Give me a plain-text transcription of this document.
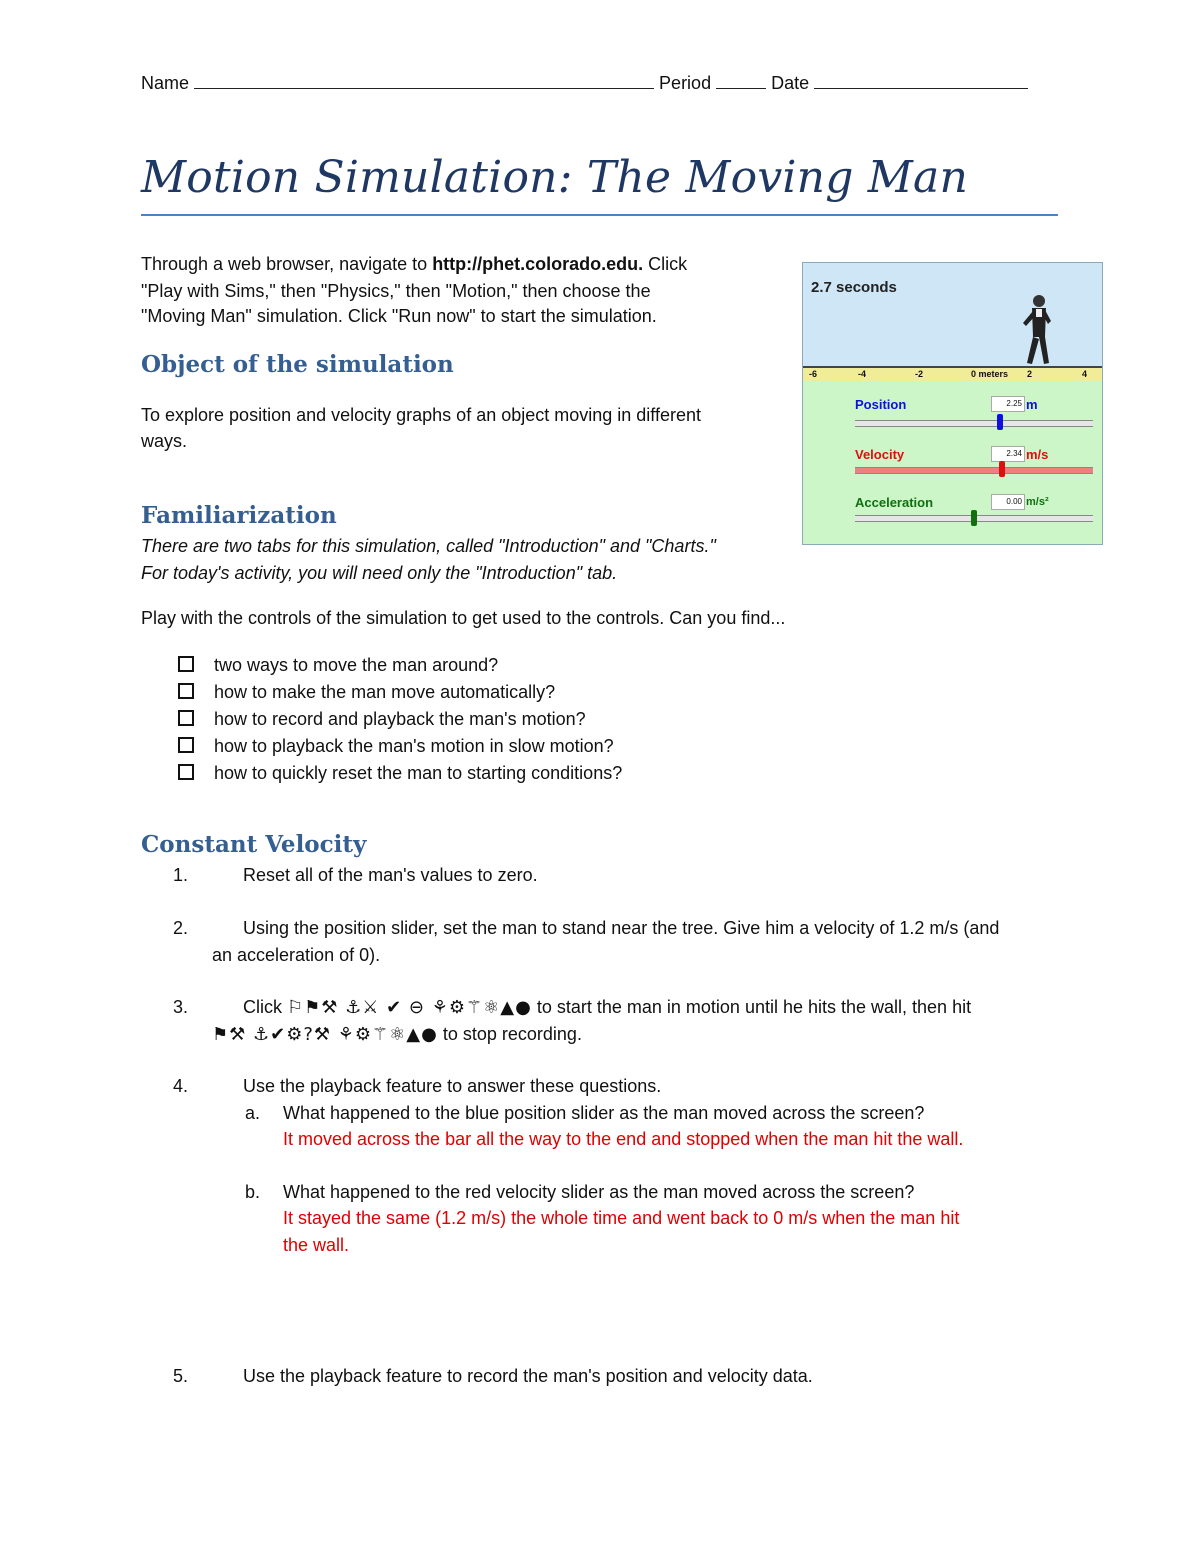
Name	Period	Date
Motion Simulation: The Moving Man
Through a web browser, navigate to http://phet.colorado.edu. Click
"Play with Sims," then "Physics," then "Motion," then choose the
"Moving Man" simulation. Click "Run now" to start the simulation.
Object of the simulation
To explore position and velocity graphs of an object moving in different
ways.
Familiarization
There are two tabs for this simulation, called "Introduction" and "Charts."
For today's activity, you will need only the "Introduction" tab.
Play with the controls of the simulation to get used to the controls. Can you find...
two ways to move the man around?
how to make the man move automatically?
how to record and playback the man's motion?
how to playback the man's motion in slow motion?
how to quickly reset the man to starting conditions?
Constant Velocity
1.	Reset all of the man's values to zero.
2.	Using the position slider, set the man to stand near the tree. Give him a velocity of 1.2 m/s (and
an acceleration of 0).
3.	Click ⚐⚑⚒ ⚓⚔ ✔ ⊖ ⚘⚙⚚⚛▲● to start the man in motion until he hits the wall, then hit
⚑⚒ ⚓✔⚙?⚒ ⚘⚙⚚⚛▲● to stop recording.
4.	Use the playback feature to answer these questions.
a. What happened to the blue position slider as the man moved across the screen?
It moved across the bar all the way to the end and stopped when the man hit the wall.
b. What happened to the red velocity slider as the man moved across the screen?
It stayed the same (1.2 m/s) the whole time and went back to 0 m/s when the man hit
the wall.
5.	Use the playback feature to record the man's position and velocity data.
2.7 seconds
-6	-4	-2	0 meters 2	4
Position	2.25 m
Velocity	2.34 m/s
Acceleration	0.00 m/s²
